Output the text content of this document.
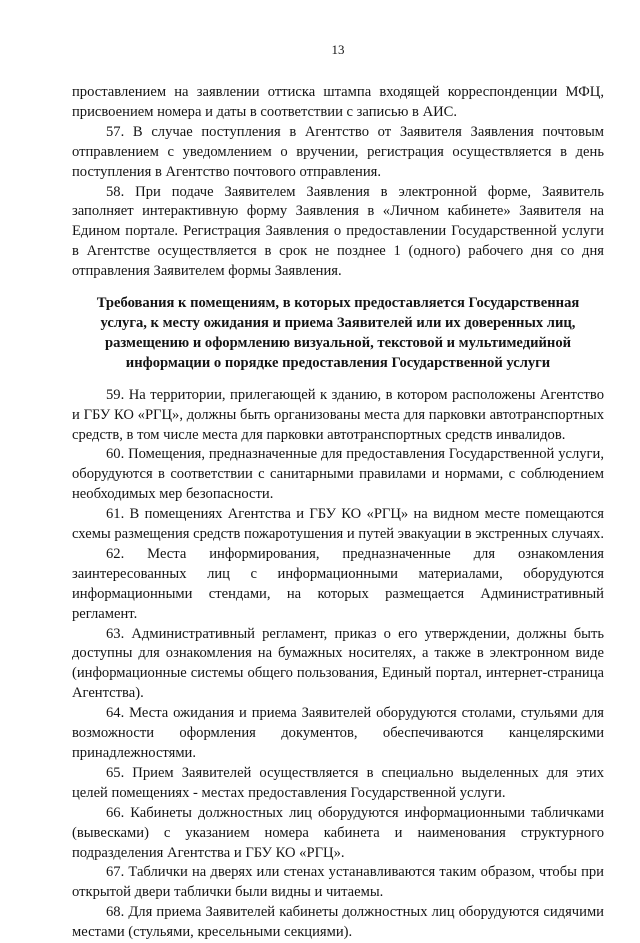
13

проставлением на заявлении оттиска штампа входящей корреспонденции МФЦ, присвоением номера и даты в соответствии с записью в АИС.

57. В случае поступления в Агентство от Заявителя Заявления почтовым отправлением с уведомлением о вручении, регистрация осуществляется в день поступления в Агентство почтового отправления.

58. При подаче Заявителем Заявления в электронной форме, Заявитель заполняет интерактивную форму Заявления в «Личном кабинете» Заявителя на Едином портале. Регистрация Заявления о предоставлении Государственной услуги в Агентстве осуществляется в срок не позднее 1 (одного) рабочего дня со дня отправления Заявителем формы Заявления.

Требования к помещениям, в которых предоставляется Государственная услуга, к месту ожидания и приема Заявителей или их доверенных лиц, размещению и оформлению визуальной, текстовой и мультимедийной информации о порядке предоставления Государственной услуги

59. На территории, прилегающей к зданию, в котором расположены Агентство и ГБУ КО «РГЦ», должны быть организованы места для парковки автотранспортных средств, в том числе места для парковки автотранспортных средств инвалидов.

60. Помещения, предназначенные для предоставления Государственной услуги, оборудуются в соответствии с санитарными правилами и нормами, с соблюдением необходимых мер безопасности.

61. В помещениях Агентства и ГБУ КО «РГЦ» на видном месте помещаются схемы размещения средств пожаротушения и путей эвакуации в экстренных случаях.

62. Места информирования, предназначенные для ознакомления заинтересованных лиц с информационными материалами, оборудуются информационными стендами, на которых размещается Административный регламент.

63. Административный регламент, приказ о его утверждении, должны быть доступны для ознакомления на бумажных носителях, а также в электронном виде (информационные системы общего пользования, Единый портал, интернет-страница Агентства).

64. Места ожидания и приема Заявителей оборудуются столами, стульями для возможности оформления документов, обеспечиваются канцелярскими принадлежностями.

65. Прием Заявителей осуществляется в специально выделенных для этих целей помещениях - местах предоставления Государственной услуги.

66. Кабинеты должностных лиц оборудуются информационными табличками (вывесками) с указанием номера кабинета и наименования структурного подразделения Агентства и ГБУ КО «РГЦ».

67. Таблички на дверях или стенах устанавливаются таким образом, чтобы при открытой двери таблички были видны и читаемы.

68. Для приема Заявителей кабинеты должностных лиц оборудуются сидячими местами (стульями, кресельными секциями).
